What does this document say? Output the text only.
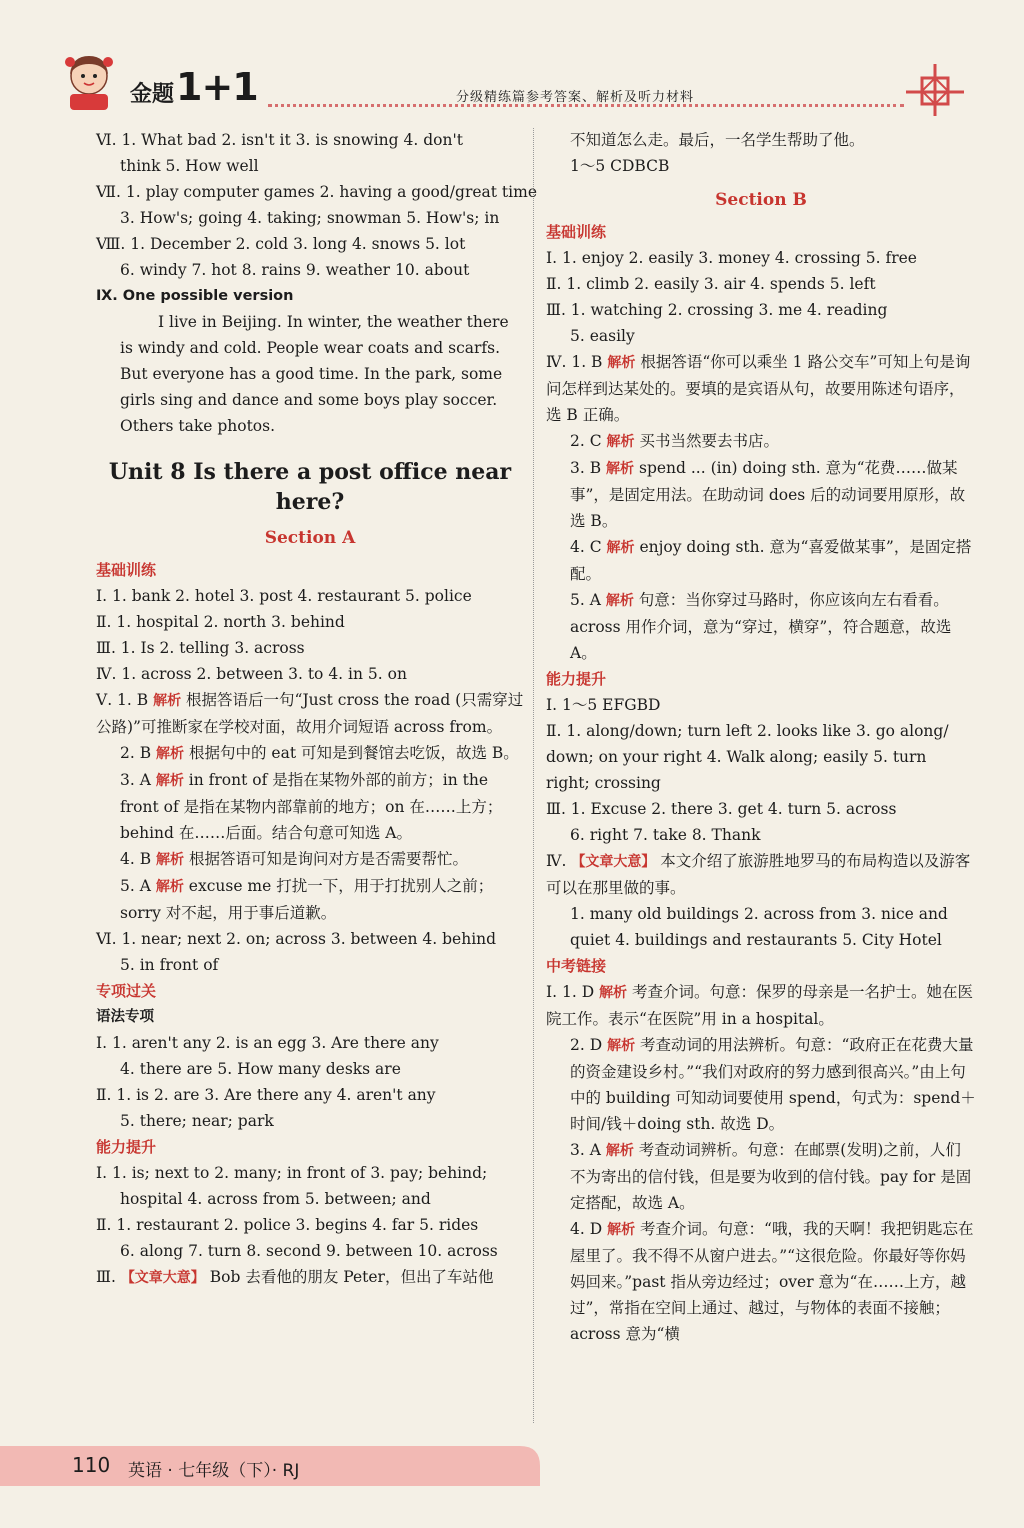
金题 1+1	分级精练篇参考答案、解析及听力材料
Ⅵ. 1. What bad 2. isn't it 3. is snowing 4. don't
think 5. How well
Ⅶ. 1. play computer games 2. having a good/great time
3. How's; going 4. taking; snowman 5. How's; in
Ⅷ. 1. December 2. cold 3. long 4. snows 5. lot
6. windy 7. hot 8. rains 9. weather 10. about
Ⅸ. One possible version
I live in Beijing. In winter, the weather there is windy and cold. People wear coats and scarfs. But everyone has a good time. In the park, some girls sing and dance and some boys play soccer. Others take photos.
Unit 8 Is there a post office near here?
Section A
基础训练
Ⅰ. 1. bank 2. hotel 3. post 4. restaurant 5. police
Ⅱ. 1. hospital 2. north 3. behind
Ⅲ. 1. Is 2. telling 3. across
Ⅳ. 1. across 2. between 3. to 4. in 5. on
Ⅴ. 1. B 解析 根据答语后一句“Just cross the road (只需穿过公路)”可推断家在学校对面，故用介词短语 across from。
2. B 解析 根据句中的 eat 可知是到餐馆去吃饭，故选 B。
3. A 解析 in front of 是指在某物外部的前方；in the front of 是指在某物内部靠前的地方；on 在……上方；behind 在……后面。结合句意可知选 A。
4. B 解析 根据答语可知是询问对方是否需要帮忙。
5. A 解析 excuse me 打扰一下，用于打扰别人之前；sorry 对不起，用于事后道歉。
Ⅵ. 1. near; next 2. on; across 3. between 4. behind
5. in front of
专项过关
语法专项
Ⅰ. 1. aren't any 2. is an egg 3. Are there any
4. there are 5. How many desks are
Ⅱ. 1. is 2. are 3. Are there any 4. aren't any
5. there; near; park
能力提升
Ⅰ. 1. is; next to 2. many; in front of 3. pay; behind;
hospital 4. across from 5. between; and
Ⅱ. 1. restaurant 2. police 3. begins 4. far 5. rides
6. along 7. turn 8. second 9. between 10. across
Ⅲ. 【文章大意】 Bob 去看他的朋友 Peter，但出了车站他
不知道怎么走。最后，一名学生帮助了他。
1～5 CDBCB
Section B
基础训练
Ⅰ. 1. enjoy 2. easily 3. money 4. crossing 5. free
Ⅱ. 1. climb 2. easily 3. air 4. spends 5. left
Ⅲ. 1. watching 2. crossing 3. me 4. reading
5. easily
Ⅳ. 1. B 解析 根据答语“你可以乘坐 1 路公交车”可知上句是询问怎样到达某处的。要填的是宾语从句，故要用陈述句语序，选 B 正确。
2. C 解析 买书当然要去书店。
3. B 解析 spend ... (in) doing sth. 意为“花费……做某事”，是固定用法。在助动词 does 后的动词要用原形，故选 B。
4. C 解析 enjoy doing sth. 意为“喜爱做某事”，是固定搭配。
5. A 解析 句意：当你穿过马路时，你应该向左右看看。across 用作介词，意为“穿过，横穿”，符合题意，故选 A。
能力提升
Ⅰ. 1～5 EFGBD
Ⅱ. 1. along/down; turn left 2. looks like 3. go along/
down; on your right 4. Walk along; easily 5. turn
right; crossing
Ⅲ. 1. Excuse 2. there 3. get 4. turn 5. across
6. right 7. take 8. Thank
Ⅳ. 【文章大意】 本文介绍了旅游胜地罗马的布局构造以及游客可以在那里做的事。
1. many old buildings 2. across from 3. nice and
quiet 4. buildings and restaurants 5. City Hotel
中考链接
Ⅰ. 1. D 解析 考查介词。句意：保罗的母亲是一名护士。她在医院工作。表示“在医院”用 in a hospital。
2. D 解析 考查动词的用法辨析。句意：“政府正在花费大量的资金建设乡村。”“我们对政府的努力感到很高兴。”由上句中的 building 可知动词要使用 spend，句式为：spend＋时间/钱＋doing sth. 故选 D。
3. A 解析 考查动词辨析。句意：在邮票(发明)之前，人们不为寄出的信付钱，但是要为收到的信付钱。pay for 是固定搭配，故选 A。
4. D 解析 考查介词。句意：“哦，我的天啊！我把钥匙忘在屋里了。我不得不从窗户进去。”“这很危险。你最好等你妈妈回来。”past 指从旁边经过；over 意为“在……上方，越过”，常指在空间上通过、越过，与物体的表面不接触；across 意为“横
110 英语 · 七年级（下）· RJ
